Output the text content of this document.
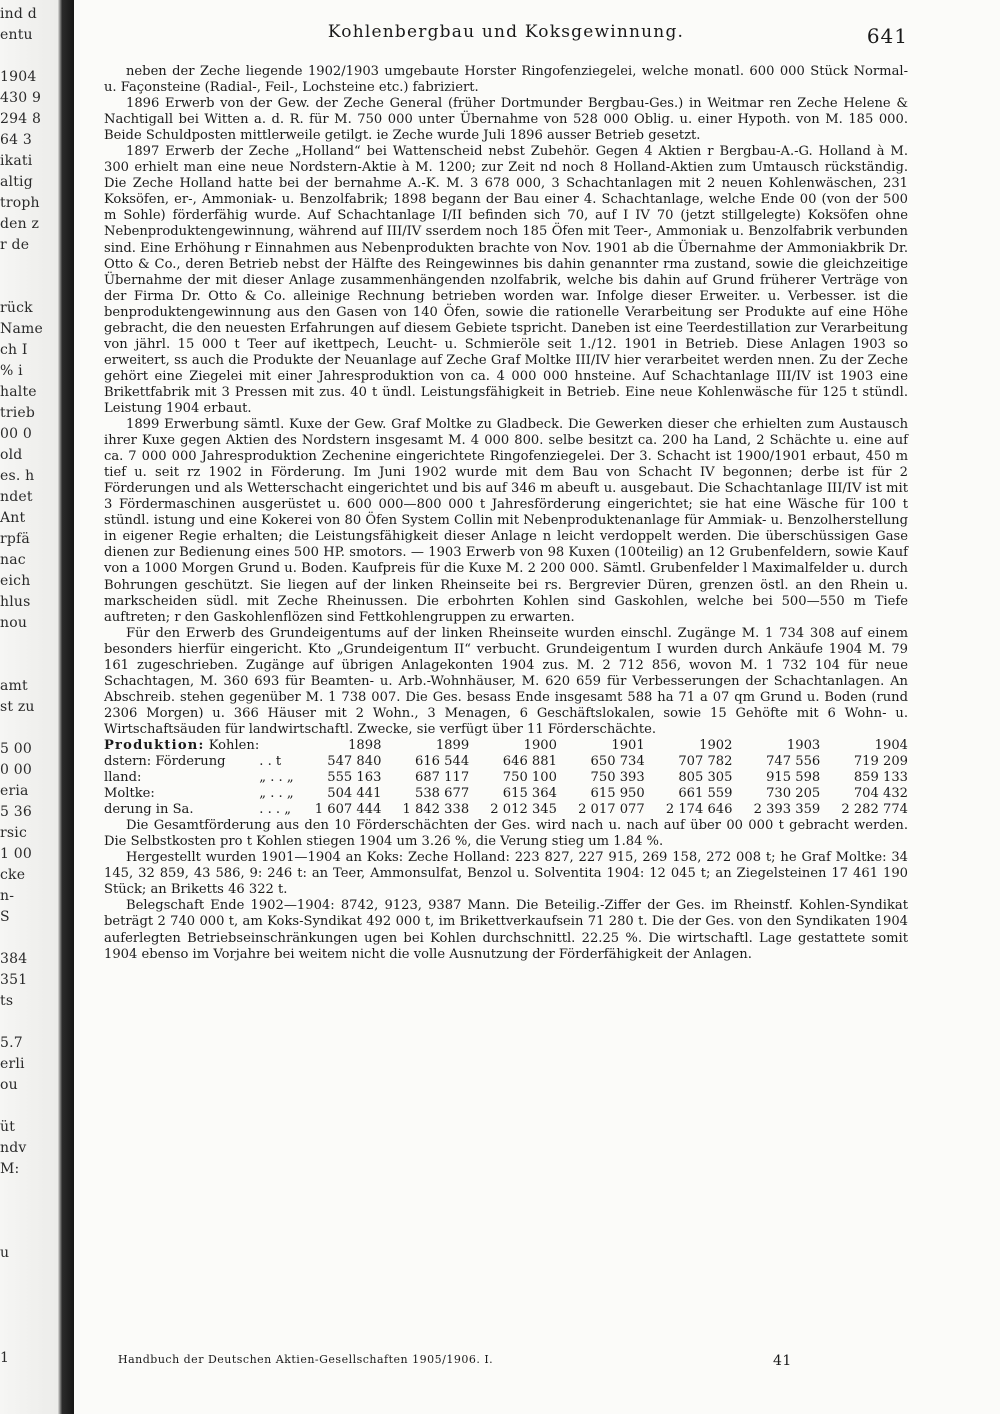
ind d
entu
1904
430 9
294 8
64 3
ikati
altig
troph
den z
r de
rück
Name
ch I
% i
halte
trieb
00 0
old
es. h
ndet
Ant
rpfä
nac
eich
hlus
nou
amt
st zu
5 00
0 00
eria
5 36
rsic
1 00
cke
n-
S
384
351
ts
5.7
erli
ou
üt
ndv
M:
u
1
Kohlenbergbau und Koksgewinnung.	641

neben der Zeche liegende 1902/1903 umgebaute Horster Ringofenziegelei, welche monatl. 600 000 Stück Normal- u. Façonsteine (Radial-, Feil-, Lochsteine etc.) fabriziert.

1896 Erwerb von der Gew. der Zeche General (früher Dortmunder Bergbau-Ges.) in Weitmar ren Zeche Helene & Nachtigall bei Witten a. d. R. für M. 750 000 unter Übernahme von 528 000 Oblig. u. einer Hypoth. von M. 185 000. Beide Schuldposten mittlerweile getilgt. ie Zeche wurde Juli 1896 ausser Betrieb gesetzt.

1897 Erwerb der Zeche „Holland“ bei Wattenscheid nebst Zubehör. Gegen 4 Aktien r Bergbau-A.-G. Holland à M. 300 erhielt man eine neue Nordstern-Aktie à M. 1200; zur Zeit nd noch 8 Holland-Aktien zum Umtausch rückständig. Die Zeche Holland hatte bei der bernahme A.-K. M. 3 678 000, 3 Schachtanlagen mit 2 neuen Kohlenwäschen, 231 Koksöfen, er-, Ammoniak- u. Benzolfabrik; 1898 begann der Bau einer 4. Schachtanlage, welche Ende 00 (von der 500 m Sohle) förderfähig wurde. Auf Schachtanlage I/II befinden sich 70, auf I IV 70 (jetzt stillgelegte) Koksöfen ohne Nebenproduktengewinnung, während auf III/IV sserdem noch 185 Öfen mit Teer-, Ammoniak u. Benzolfabrik verbunden sind. Eine Erhöhung r Einnahmen aus Nebenprodukten brachte von Nov. 1901 ab die Übernahme der Ammoniakbrik Dr. Otto & Co., deren Betrieb nebst der Hälfte des Reingewinnes bis dahin genannter rma zustand, sowie die gleichzeitige Übernahme der mit dieser Anlage zusammenhängenden nzolfabrik, welche bis dahin auf Grund früherer Verträge von der Firma Dr. Otto & Co. alleinige Rechnung betrieben worden war. Infolge dieser Erweiter. u. Verbesser. ist die benproduktengewinnung aus den Gasen von 140 Öfen, sowie die rationelle Verarbeitung ser Produkte auf eine Höhe gebracht, die den neuesten Erfahrungen auf diesem Gebiete tspricht. Daneben ist eine Teerdestillation zur Verarbeitung von jährl. 15 000 t Teer auf ikettpech, Leucht- u. Schmieröle seit 1./12. 1901 in Betrieb. Diese Anlagen 1903 so erweitert, ss auch die Produkte der Neuanlage auf Zeche Graf Moltke III/IV hier verarbeitet werden nnen. Zu der Zeche gehört eine Ziegelei mit einer Jahresproduktion von ca. 4 000 000 hnsteine. Auf Schachtanlage III/IV ist 1903 eine Brikettfabrik mit 3 Pressen mit zus. 40 t ündl. Leistungsfähigkeit in Betrieb. Eine neue Kohlenwäsche für 125 t stündl. Leistung 1904 erbaut.

1899 Erwerbung sämtl. Kuxe der Gew. Graf Moltke zu Gladbeck. Die Gewerken dieser che erhielten zum Austausch ihrer Kuxe gegen Aktien des Nordstern insgesamt M. 4 000 800. selbe besitzt ca. 200 ha Land, 2 Schächte u. eine auf ca. 7 000 000 Jahresproduktion Zechenine eingerichtete Ringofenziegelei. Der 3. Schacht ist 1900/1901 erbaut, 450 m tief u. seit rz 1902 in Förderung. Im Juni 1902 wurde mit dem Bau von Schacht IV begonnen; derbe ist für 2 Förderungen und als Wetterschacht eingerichtet und bis auf 346 m abeuft u. ausgebaut. Die Schachtanlage III/IV ist mit 3 Fördermaschinen ausgerüstet u. 600 000—800 000 t Jahresförderung eingerichtet; sie hat eine Wäsche für 100 t stündl. istung und eine Kokerei von 80 Öfen System Collin mit Nebenproduktenanlage für Ammiak- u. Benzolherstellung in eigener Regie erhalten; die Leistungsfähigkeit dieser Anlage n leicht verdoppelt werden. Die überschüssigen Gase dienen zur Bedienung eines 500 HP. smotors. — 1903 Erwerb von 98 Kuxen (100teilig) an 12 Grubenfeldern, sowie Kauf von a 1000 Morgen Grund u. Boden. Kaufpreis für die Kuxe M. 2 200 000. Sämtl. Grubenfelder l Maximalfelder u. durch Bohrungen geschützt. Sie liegen auf der linken Rheinseite bei rs. Bergrevier Düren, grenzen östl. an den Rhein u. markscheiden südl. mit Zeche Rheinussen. Die erbohrten Kohlen sind Gaskohlen, welche bei 500—550 m Tiefe auftreten; r den Gaskohlenflözen sind Fettkohlengruppen zu erwarten.

Für den Erwerb des Grundeigentums auf der linken Rheinseite wurden einschl. Zugänge M. 1 734 308 auf einem besonders hierfür eingericht. Kto „Grundeigentum II“ verbucht. Grundeigentum I wurden durch Ankäufe 1904 M. 79 161 zugeschrieben. Zugänge auf übrigen Anlagekonten 1904 zus. M. 2 712 856, wovon M. 1 732 104 für neue Schachtagen, M. 360 693 für Beamten- u. Arb.-Wohnhäuser, M. 620 659 für Verbesserungen der Schachtanlagen. An Abschreib. stehen gegenüber M. 1 738 007. Die Ges. besass Ende insgesamt 588 ha 71 a 07 qm Grund u. Boden (rund 2306 Morgen) u. 366 Häuser mit 2 Wohn., 3 Menagen, 6 Geschäftslokalen, sowie 15 Gehöfte mit 6 Wohn- u. Wirtschaftsäuden für landwirtschaftl. Zwecke, sie verfügt über 11 Förderschächte.

Produktion: Kohlen:		1898	1899	1900	1901	1902	1903	1904
dstern: Förderung	. . t	547 840	616 544	646 881	650 734	707 782	747 556	719 209
lland:	„ . . „	555 163	687 117	750 100	750 393	805 305	915 598	859 133
Moltke:	„ . . „	504 441	538 677	615 364	615 950	661 559	730 205	704 432
derung in Sa.	. . . „	1 607 444	1 842 338	2 012 345	2 017 077	2 174 646	2 393 359	2 282 774

Die Gesamtförderung aus den 10 Förderschächten der Ges. wird nach u. nach auf über 00 000 t gebracht werden. Die Selbstkosten pro t Kohlen stiegen 1904 um 3.26 %, die Verung stieg um 1.84 %.

Hergestellt wurden 1901—1904 an Koks: Zeche Holland: 223 827, 227 915, 269 158, 272 008 t; he Graf Moltke: 34 145, 32 859, 43 586, 9: 246 t: an Teer, Ammonsulfat, Benzol u. Solventita 1904: 12 045 t; an Ziegelsteinen 17 461 190 Stück; an Briketts 46 322 t.

Belegschaft Ende 1902—1904: 8742, 9123, 9387 Mann. Die Beteilig.-Ziffer der Ges. im Rheinstf. Kohlen-Syndikat beträgt 2 740 000 t, am Koks-Syndikat 492 000 t, im Brikettverkaufsein 71 280 t. Die der Ges. von den Syndikaten 1904 auferlegten Betriebseinschränkungen ugen bei Kohlen durchschnittl. 22.25 %. Die wirtschaftl. Lage gestattete somit 1904 ebenso im Vorjahre bei weitem nicht die volle Ausnutzung der Förderfähigkeit der Anlagen.

Handbuch der Deutschen Aktien-Gesellschaften 1905/1906. I.	41
